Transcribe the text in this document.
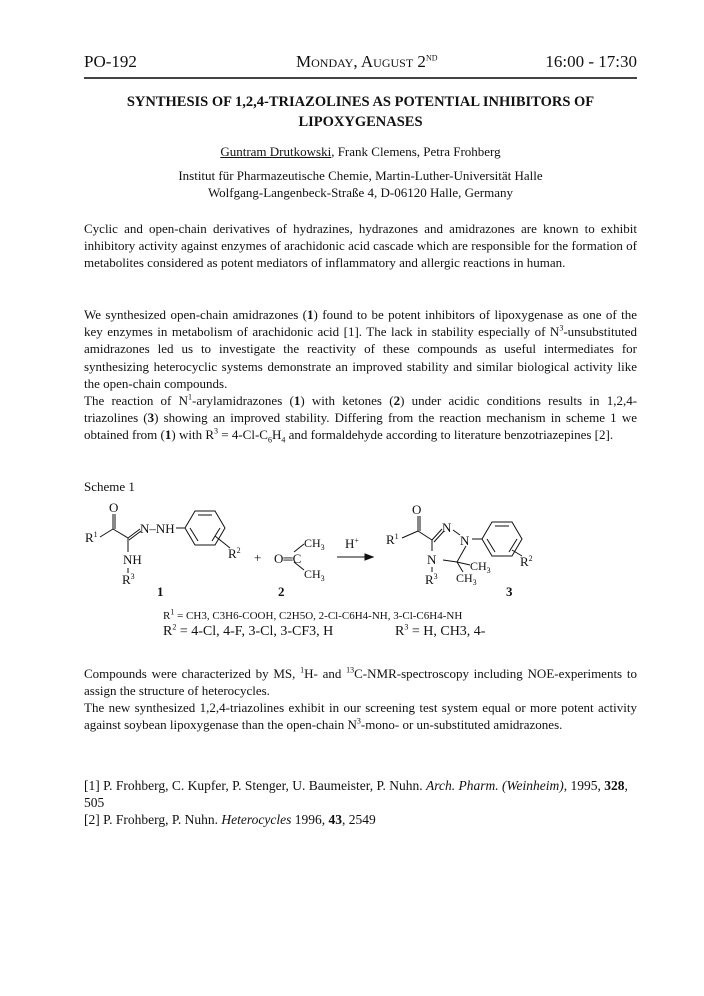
PO-192	Monday, August 2ND	16:00 - 17:30
SYNTHESIS OF 1,2,4-TRIAZOLINES AS POTENTIAL INHIBITORS OF LIPOXYGENASES
Guntram Drutkowski, Frank Clemens, Petra Frohberg
Institut für Pharmazeutische Chemie, Martin-Luther-Universität Halle
Wolfgang-Langenbeck-Straße 4, D-06120 Halle, Germany
Cyclic and open-chain derivatives of hydrazines, hydrazones and amidrazones are known to exhibit inhibitory activity against enzymes of arachidonic acid cascade which are responsible for the formation of metabolites considered as potent mediators of inflammatory and allergic reactions in human.
We synthesized open-chain amidrazones (1) found to be potent inhibitors of lipoxygenase as one of the key enzymes in metabolism of arachidonic acid [1]. The lack in stability especially of $N^3$-unsubstituted amidrazones led us to investigate the reactivity of these compounds as useful intermediates for synthesizing heterocyclic systems demonstrate an improved stability and similar biological activity like the open-chain compounds.
The reaction of $N^1$-arylamidrazones (1) with ketones (2) under acidic conditions results in 1,2,4-triazolines (3) showing an improved stability. Differing from the reaction mechanism in scheme 1 we obtained from (1) with $R^3 = 4-Cl-C_6H_4$ and formaldehyde according to literature benzotriazepines [2].
Scheme 1
$R^1$
O
N–NH
NH
$R^3$
$R^2$
1
+ O═C
$CH_3$
$CH_3$
2
H+
O
$R^1$
N
N
N
$R^3$
$CH_3$
$CH_3$
$R^2$
3
$R^1 = CH3$, C3H6-COOH, C2H5O, 2-Cl-C6H4-NH, 3-Cl-C6H4-NH
$R^2 = 4-Cl$, 4-F, 3-Cl, 3-CF3, H	$R^3 = H$, CH3, 4-
Compounds were characterized by MS, $^1$H- and $^{13}$C-NMR-spectroscopy including NOE-experiments to assign the structure of heterocycles.
The new synthesized 1,2,4-triazolines exhibit in our screening test system equal or more potent activity against soybean lipoxygenase than the open-chain $N^3-mono-$ or un-substituted amidrazones.
[1] P. Frohberg, C. Kupfer, P. Stenger, U. Baumeister, P. Nuhn. Arch. Pharm. (Weinheim), 1995, 328, 505
[2] P. Frohberg, P. Nuhn. Heterocycles 1996, 43, 2549
